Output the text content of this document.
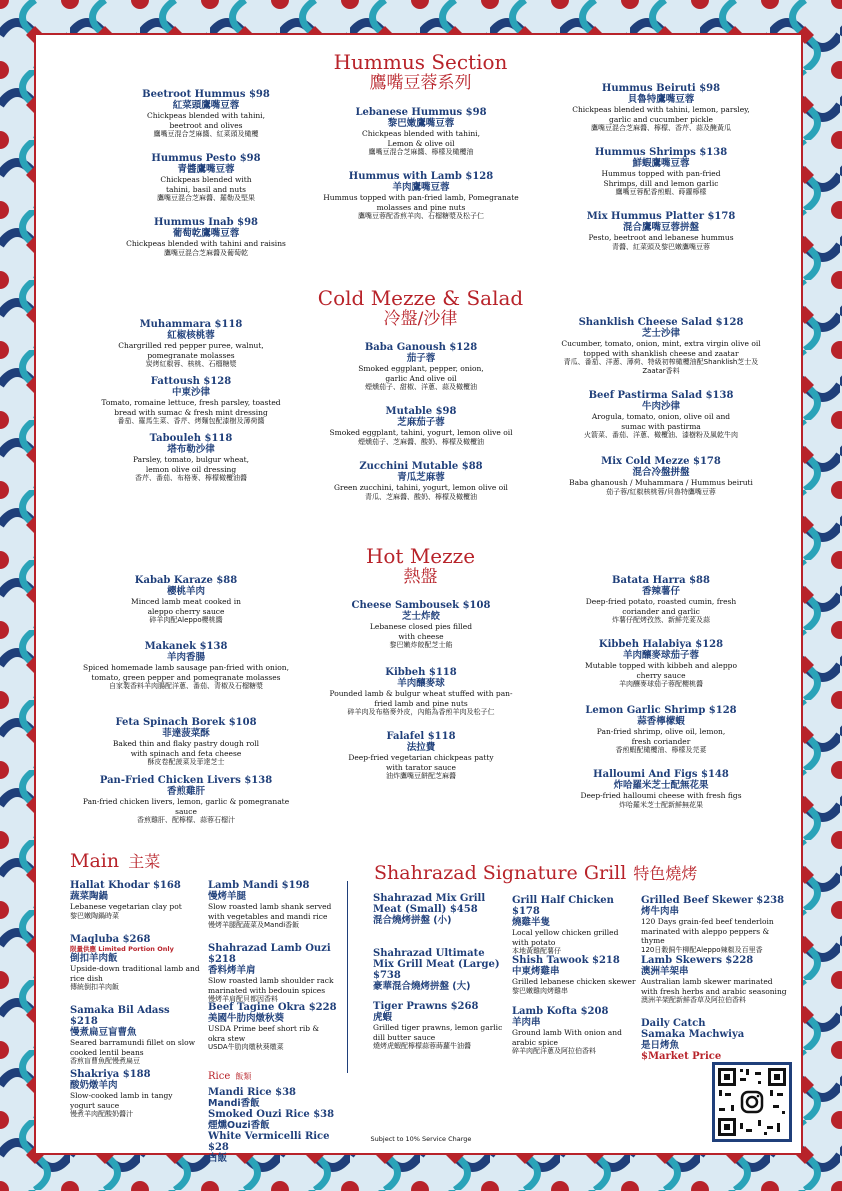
Hummus Section
鷹嘴豆蓉系列
Beetroot Hummus $98
紅菜頭鷹嘴豆蓉
Chickpeas blended with tahini, beetroot and olives
鷹嘴豆混合芝麻醬、紅菜頭及橄欖
Hummus Pesto $98
青醬鷹嘴豆蓉
Chickpeas blended with tahini, basil and nuts
鷹嘴豆混合芝麻醬、羅勒及堅果
Hummus Inab $98
葡萄乾鷹嘴豆蓉
Chickpeas blended with tahini and raisins
鷹嘴豆混合芝麻醬及葡萄乾
Lebanese Hummus $98
黎巴嫩鷹嘴豆蓉
Chickpeas blended with tahini, Lemon & olive oil
鷹嘴豆混合芝麻醬、檸檬及橄欖油
Hummus with Lamb $128
羊肉鷹嘴豆蓉
Hummus topped with pan-fried lamb, Pomegranate molasses and pine nuts
鷹嘴豆蓉配香煎羊肉、石榴糖漿及松子仁
Hummus Beiruti $98
貝魯特鷹嘴豆蓉
Chickpeas blended with tahini, lemon, parsley, garlic and cucumber pickle
鷹嘴豆混合芝麻醬、檸檬、香芹、蒜及醃黃瓜
Hummus Shrimps $138
鮮蝦鷹嘴豆蓉
Hummus topped with pan-fried Shrimps, dill and lemon garlic
鷹嘴豆蓉配香煎蝦、蒔蘿檸檬
Mix Hummus Platter $178
混合鷹嘴豆蓉拼盤
Pesto, beetroot and lebanese hummus
青醬、紅菜頭及黎巴嫩鷹嘴豆蓉
Cold Mezze & Salad
冷盤/沙律
Muhammara $118
紅椒核桃蓉
Chargrilled red pepper puree, walnut, pomegranate molasses
炭烤紅椒蓉、核桃、石榴糖漿
Fattoush $128
中東沙律
Tomato, romaine lettuce, fresh parsley, toasted bread with sumac & fresh mint dressing
番茄、羅馬生菜、香芹、烤麵包配漆樹及薄荷醬
Tabouleh $118
塔布勒沙律
Parsley, tomato, bulgur wheat, lemon olive oil dressing
香芹、番茄、布格麥、檸檬橄欖油醬
Baba Ganoush $128
茄子蓉
Smoked eggplant, pepper, onion, garlic And olive oil
煙燻茄子、甜椒、洋蔥、蒜及橄欖油
Mutable $98
芝麻茄子蓉
Smoked eggplant, tahini, yogurt, lemon olive oil
煙燻茄子、芝麻醬、酸奶、檸檬及橄欖油
Zucchini Mutable $88
青瓜芝麻蓉
Green zucchini, tahini, yogurt, lemon olive oil
青瓜、芝麻醬、酸奶、檸檬及橄欖油
Shanklish Cheese Salad $128
芝士沙律
Cucumber, tomato, onion, mint, extra virgin olive oil topped with shanklish cheese and zaatar
青瓜、番茄、洋蔥、薄荷、特級初榨橄欖油配Shanklish芝士及Zaatar香料
Beef Pastirma Salad $138
牛肉沙律
Arogula, tomato, onion, olive oil and sumac with pastirma
火箭菜、番茄、洋蔥、橄欖油、漆樹粉及風乾牛肉
Mix Cold Mezze $178
混合冷盤拼盤
Baba ghanoush / Muhammara / Hummus beiruti
茄子蓉/紅椒核桃蓉/貝魯特鷹嘴豆蓉
Hot Mezze
熱盤
Kabab Karaze $88
櫻桃羊肉
Minced lamb meat cooked in aleppo cherry sauce
碎羊肉配Aleppo櫻桃醬
Makanek $138
羊肉香腸
Spiced homemade lamb sausage pan-fried with onion, tomato, green pepper and pomegranate molasses
自家製香料羊肉腸配洋蔥、番茄、青椒及石榴糖漿
Feta Spinach Borek $108
菲達菠菜酥
Baked thin and flaky pastry dough roll with spinach and feta cheese
酥皮卷配菠菜及菲達芝士
Pan-Fried Chicken Livers $138
香煎雞肝
Pan-fried chicken livers, lemon, garlic & pomegranate sauce
香煎雞肝、配檸檬、蒜蓉石榴汁
Cheese Sambousek $108
芝士炸餃
Lebanese closed pies filled with cheese
黎巴嫩炸餃配芝士餡
Kibbeh $118
羊肉釀麥球
Pounded lamb & bulgur wheat stuffed with pan-fried lamb and pine nuts
碎羊肉及布格麥外皮，內餡為香煎羊肉及松子仁
Falafel $118
法拉費
Deep-fried vegetarian chickpeas patty with tarator sauce
油炸鷹嘴豆餅配芝麻醬
Batata Harra $88
香辣薯仔
Deep-fried potato, roasted cumin, fresh coriander and garlic
炸薯仔配烤孜然、新鮮芫荽及蒜
Kibbeh Halabiya $128
羊肉釀麥球茄子蓉
Mutable topped with kibbeh and aleppo cherry sauce
羊肉釀麥球茄子蓉配櫻桃醬
Lemon Garlic Shrimp $128
蒜香檸檬蝦
Pan-fried shrimp, olive oil, lemon, fresh coriander
香煎蝦配橄欖油、檸檬及芫荽
Halloumi And Figs $148
炸哈羅米芝士配無花果
Deep-fried halloumi cheese with fresh figs
炸哈羅米芝士配新鮮無花果
Main 主菜
Hallat Khodar $168
蔬菜陶鍋
Lebanese vegetarian clay pot
黎巴嫩陶鍋時菜
Maqluba $268
限量供應 Limited Portion Only
倒扣羊肉飯
Upside-down traditional lamb and rice dish
傳統倒扣羊肉飯
Samaka Bil Adass $218
慢煮扁豆盲曹魚
Seared barramundi fillet on slow cooked lentil beans
香煎盲曹魚配慢煮扁豆
Shakriya $188
酸奶燉羊肉
Slow-cooked lamb in tangy yogurt sauce
慢煮羊肉配酸奶醬汁
Lamb Mandi $198
慢烤羊腿
Slow roasted lamb shank served with vegetables and mandi rice
慢烤羊腿配蔬菜及Mandi香飯
Shahrazad Lamb Ouzi $218
香料烤羊肩
Slow roasted lamb shoulder rack marinated with bedouin spices
慢烤羊肩配貝都因香料
Beef Tagine Okra $228
美國牛肋肉燉秋葵
USDA Prime beef short rib & okra stew
USDA牛肋肉燉秋葵燉菜
Rice 飯類
Mandi Rice $38
Mandi香飯
Smoked Ouzi Rice $38
煙燻Ouzi香飯
White Vermicelli Rice $28
白飯
Shahrazad Signature Grill 特色燒烤
Shahrazad Mix Grill Meat (Small) $458
混合燒烤拼盤 (小)
Shahrazad Ultimate Mix Grill Meat (Large) $738
豪華混合燒烤拼盤 (大)
Tiger Prawns $268
虎蝦
Grilled tiger prawns, lemon garlic dill butter sauce
燒烤虎蝦配檸檬蒜蓉蒔蘿牛油醬
Grill Half Chicken $178
燒雞半隻
Local yellow chicken grilled with potato
本地黃雞配薯仔
Shish Tawook $218
中東烤雞串
Grilled lebanese chicken skewer
黎巴嫩雞肉烤雞串
Lamb Kofta $208
羊肉串
Ground lamb With onion and arabic spice
碎羊肉配洋蔥及阿拉伯香料
Grilled Beef Skewer $238
烤牛肉串
120 Days grain-fed beef tenderloin marinated with aleppo peppers & thyme
120日穀飼牛柳配Aleppo辣椒及百里香
Lamb Skewers $228
澳洲羊架串
Australian lamb skewer marinated with fresh herbs and arabic seasoning
澳洲羊架配新鮮香草及阿拉伯香料
Daily Catch Samaka Machwiya
是日烤魚
$Market Price
Subject to 10% Service Charge
